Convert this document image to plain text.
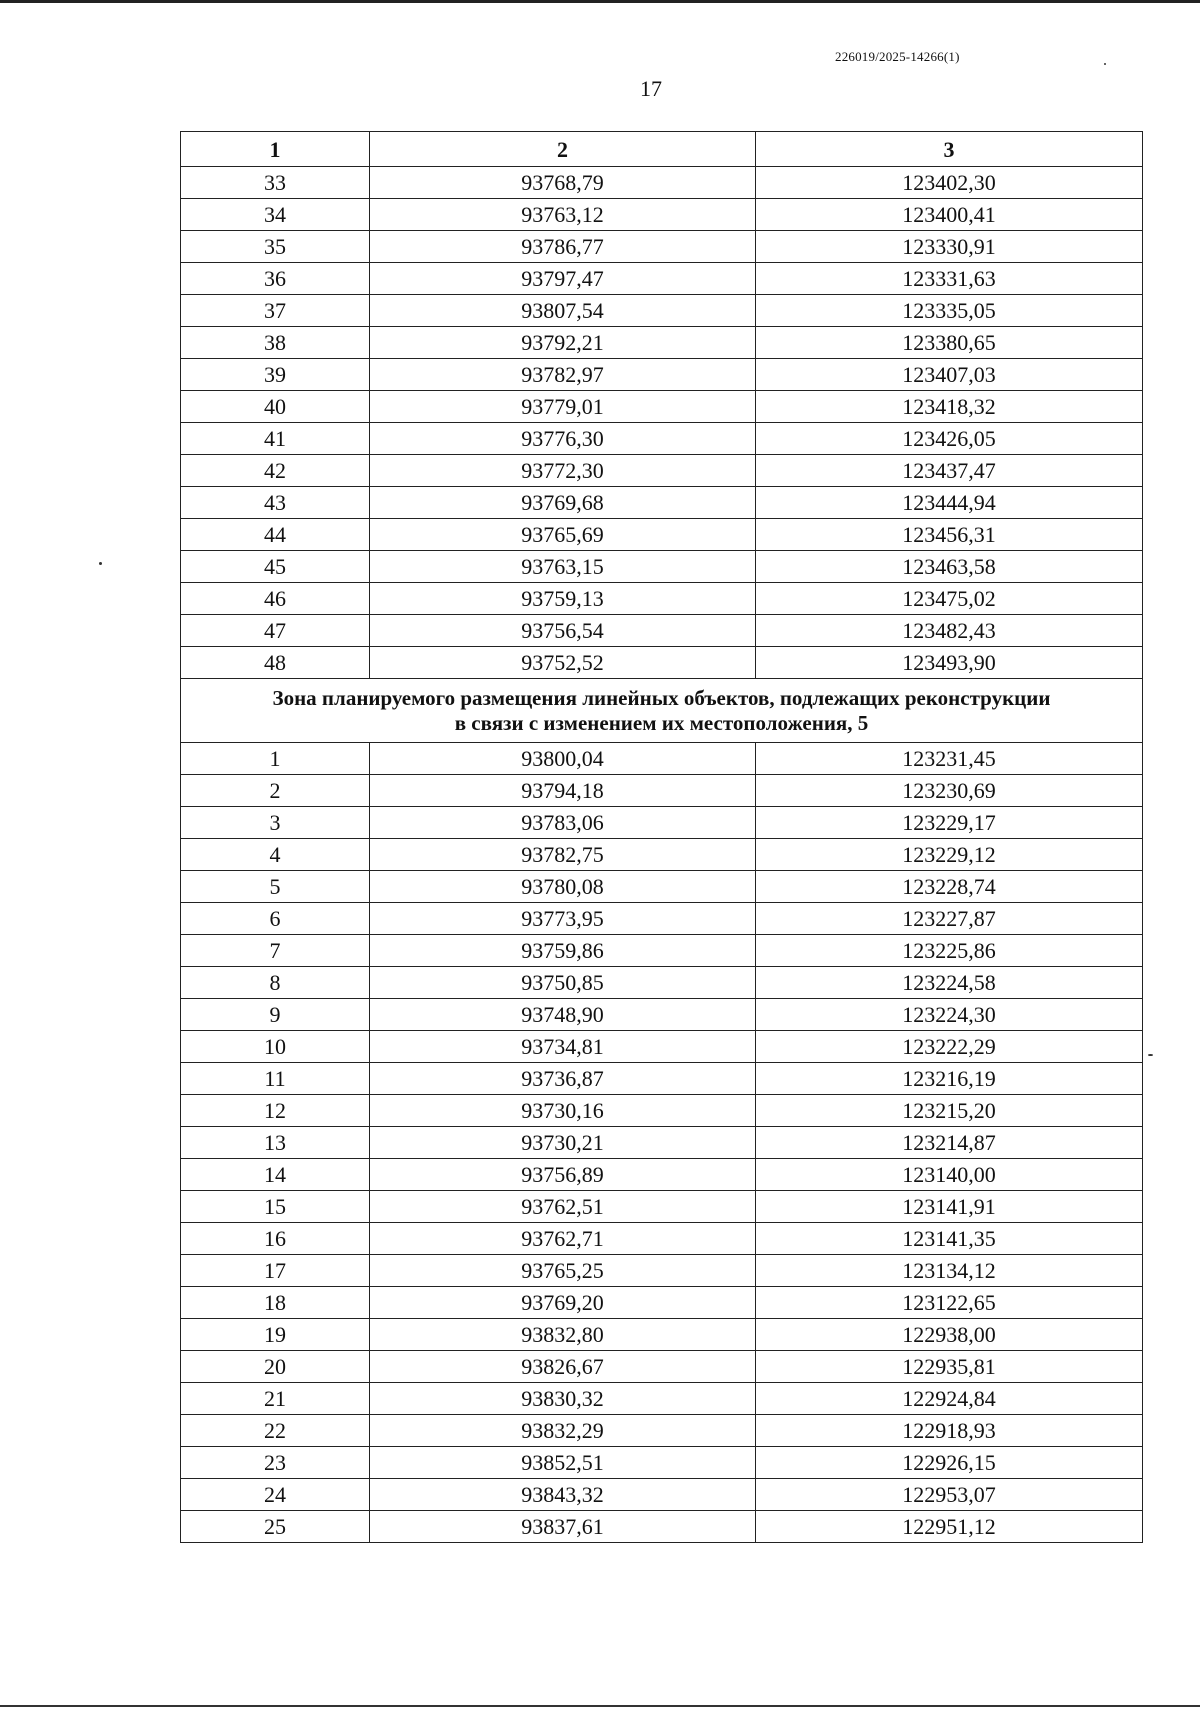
226019/2025-14266(1)
17
1	2	3
33	93768,79	123402,30
34	93763,12	123400,41
35	93786,77	123330,91
36	93797,47	123331,63
37	93807,54	123335,05
38	93792,21	123380,65
39	93782,97	123407,03
40	93779,01	123418,32
41	93776,30	123426,05
42	93772,30	123437,47
43	93769,68	123444,94
44	93765,69	123456,31
45	93763,15	123463,58
46	93759,13	123475,02
47	93756,54	123482,43
48	93752,52	123493,90

Зона планируемого размещения линейных объектов, подлежащих реконструкции
в связи с изменением их местоположения, 5		

1	93800,04	123231,45
2	93794,18	123230,69
3	93783,06	123229,17
4	93782,75	123229,12
5	93780,08	123228,74
6	93773,95	123227,87
7	93759,86	123225,86
8	93750,85	123224,58
9	93748,90	123224,30
10	93734,81	123222,29
11	93736,87	123216,19
12	93730,16	123215,20
13	93730,21	123214,87
14	93756,89	123140,00
15	93762,51	123141,91
16	93762,71	123141,35
17	93765,25	123134,12
18	93769,20	123122,65
19	93832,80	122938,00
20	93826,67	122935,81
21	93830,32	122924,84
22	93832,29	122918,93
23	93852,51	122926,15
24	93843,32	122953,07
25	93837,61	122951,12
